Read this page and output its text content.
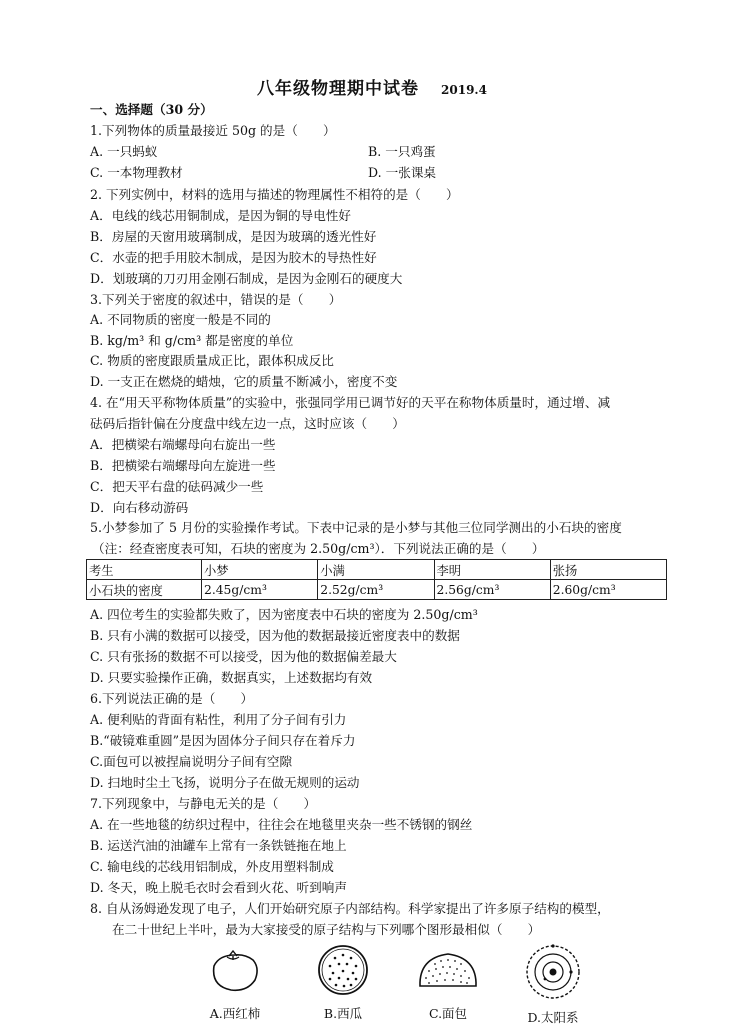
八年级物理期中试卷 2019.4
一、选择题（30 分）
1.下列物体的质量最接近 50g 的是（　　）
A. 一只蚂蚁	B. 一只鸡蛋
C. 一本物理教材	D. 一张课桌
2. 下列实例中，材料的选用与描述的物理属性不相符的是（　　）
A．电线的线芯用铜制成，是因为铜的导电性好
B．房屋的天窗用玻璃制成，是因为玻璃的透光性好
C．水壶的把手用胶木制成，是因为胶木的导热性好
D．划玻璃的刀刃用金刚石制成，是因为金刚石的硬度大
3.下列关于密度的叙述中，错误的是（　　）
A. 不同物质的密度一般是不同的
B. kg/m³ 和 g/cm³ 都是密度的单位
C. 物质的密度跟质量成正比，跟体积成反比
D. 一支正在燃烧的蜡烛，它的质量不断减小，密度不变
4. 在“用天平称物体质量”的实验中，张强同学用已调节好的天平在称物体质量时，通过增、减
砝码后指针偏在分度盘中线左边一点，这时应该（　　）
A．把横梁右端螺母向右旋出一些
B．把横梁右端螺母向左旋进一些
C．把天平右盘的砝码减少一些
D．向右移动游码
5.小梦参加了 5 月份的实验操作考试。下表中记录的是小梦与其他三位同学测出的小石块的密度
（注：经查密度表可知，石块的密度为 2.50g/cm³）．下列说法正确的是（　　）
考生	小梦	小满	李明	张扬
小石块的密度	2.45g/cm³	2.52g/cm³	2.56g/cm³	2.60g/cm³
A. 四位考生的实验都失败了，因为密度表中石块的密度为 2.50g/cm³
B. 只有小满的数据可以接受，因为他的数据最接近密度表中的数据
C. 只有张扬的数据不可以接受，因为他的数据偏差最大
D. 只要实验操作正确，数据真实，上述数据均有效
6.下列说法正确的是（　　）
A. 便利贴的背面有粘性，利用了分子间有引力
B.“破镜难重圆”是因为固体分子间只存在着斥力
C.面包可以被捏扁说明分子间有空隙
D. 扫地时尘土飞扬，说明分子在做无规则的运动
7.下列现象中，与静电无关的是（　　）
A. 在一些地毯的纺织过程中，往往会在地毯里夹杂一些不锈钢的钢丝
B. 运送汽油的油罐车上常有一条铁链拖在地上
C. 输电线的芯线用铝制成，外皮用塑料制成
D. 冬天，晚上脱毛衣时会看到火花、听到响声
8. 自从汤姆逊发现了电子，人们开始研究原子内部结构。科学家提出了许多原子结构的模型，
在二十世纪上半叶，最为大家接受的原子结构与下列哪个图形最相似（　　）
A.西红柿	B.西瓜	C.面包	D.太阳系
